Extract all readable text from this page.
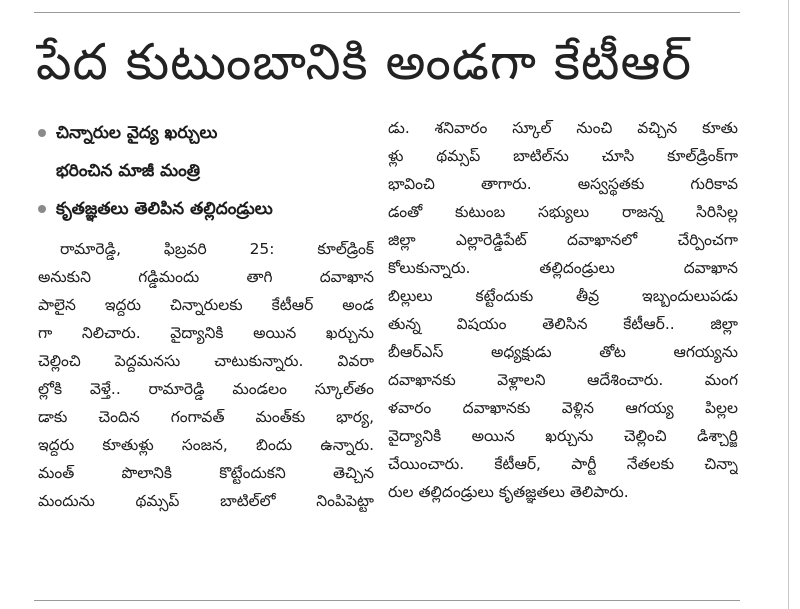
పేద కుటుంబానికి అండగా కేటీఆర్
చిన్నారుల వైద్య ఖర్చులు
భరించిన మాజీ మంత్రి
కృతజ్ఞతలు తెలిపిన తల్లిదండ్రులు
రామారెడ్డి, ఫిబ్రవరి 25: కూల్‌డ్రింక్
అనుకుని గడ్డిమందు తాగి దవాఖాన
పాలైన ఇద్దరు చిన్నారులకు కేటీఆర్ అండ
గా నిలిచారు. వైద్యానికి అయిన ఖర్చును
చెల్లించి పెద్దమనసు చాటుకున్నారు. వివరా
ల్లోకి వెళ్తే.. రామారెడ్డి మండలం స్కూల్‌తం
డాకు చెందిన గంగావత్ మంత్‌కు భార్య,
ఇద్దరు కూతుళ్లు సంజన, బిందు ఉన్నారు.
మంత్ పొలానికి కొట్టేందుకని తెచ్చిన
మందును థమ్సప్ బాటిల్‌లో నింపిపెట్టా
డు. శనివారం స్కూల్ నుంచి వచ్చిన కూతు
ళ్లు థమ్సప్ బాటిల్‌ను చూసి కూల్‌డ్రింక్‌గా
భావించి తాగారు. అస్వస్థతకు గురికావ
డంతో కుటుంబ సభ్యులు రాజన్న సిరిసిల్ల
జిల్లా ఎల్లారెడ్డిపేట్ దవాఖానలో చేర్పించగా
కోలుకున్నారు. తల్లిదండ్రులు దవాఖాన
బిల్లులు కట్టేందుకు తీవ్ర ఇబ్బందులుపడు
తున్న విషయం తెలిసిన కేటీఆర్.. జిల్లా
బీఆర్ఎస్ అధ్యక్షుడు తోట ఆగయ్యను
దవాఖానకు వెళ్లాలని ఆదేశించారు. మంగ
ళవారం దవాఖానకు వెళ్లిన ఆగయ్య పిల్లల
వైద్యానికి అయిన ఖర్చును చెల్లించి డిశ్చార్జి
చేయించారు. కేటీఆర్, పార్టీ నేతలకు చిన్నా
రుల తల్లిదండ్రులు కృతజ్ఞతలు తెలిపారు.
